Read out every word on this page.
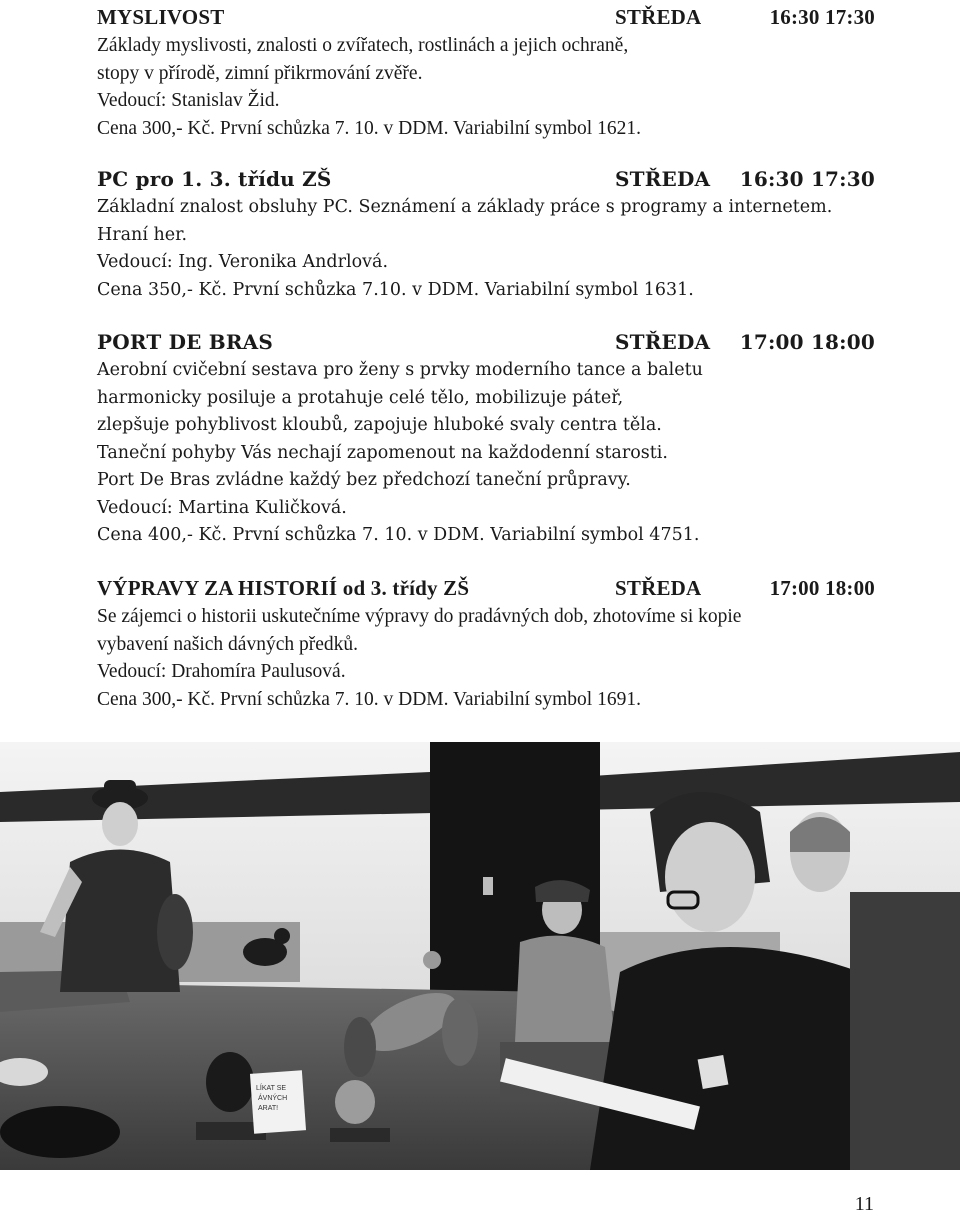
MYSLIVOST	STŘEDA	16:30 17:30
Základy myslivosti, znalosti o zvířatech, rostlinách a jejich ochraně,
stopy v přírodě, zimní přikrmování zvěře.
Vedoucí: Stanislav Žid.
Cena 300,- Kč. První schůzka 7. 10. v DDM. Variabilní symbol 1621.
PC pro 1. 3. třídu ZŠ	STŘEDA 16:30 17:30
Základní znalost obsluhy PC. Seznámení a základy práce s programy a internetem.
Hraní her.
Vedoucí: Ing. Veronika Andrlová.
Cena 350,- Kč. První schůzka 7.10. v DDM. Variabilní symbol 1631.
PORT DE BRAS	STŘEDA 17:00 18:00
Aerobní cvičební sestava pro ženy s prvky moderního tance a baletu
harmonicky posiluje a protahuje celé tělo, mobilizuje páteř,
zlepšuje pohyblivost kloubů, zapojuje hluboké svaly centra těla.
Taneční pohyby Vás nechají zapomenout na každodenní starosti.
Port De Bras zvládne každý bez předchozí taneční průpravy.
Vedoucí: Martina Kuličková.
Cena 400,- Kč. První schůzka 7. 10. v DDM. Variabilní symbol 4751.
VÝPRAVY ZA HISTORIÍ od 3. třídy ZŠ	STŘEDA	17:00 18:00
Se zájemci o historii uskutečníme výpravy do pradávných dob, zhotovíme si kopie
vybavení našich dávných předků.
Vedoucí: Drahomíra Paulusová.
Cena 300,- Kč. První schůzka 7. 10. v DDM. Variabilní symbol 1691.
LÍKAT SE
ÁVNÝCH
ARAT!
11
